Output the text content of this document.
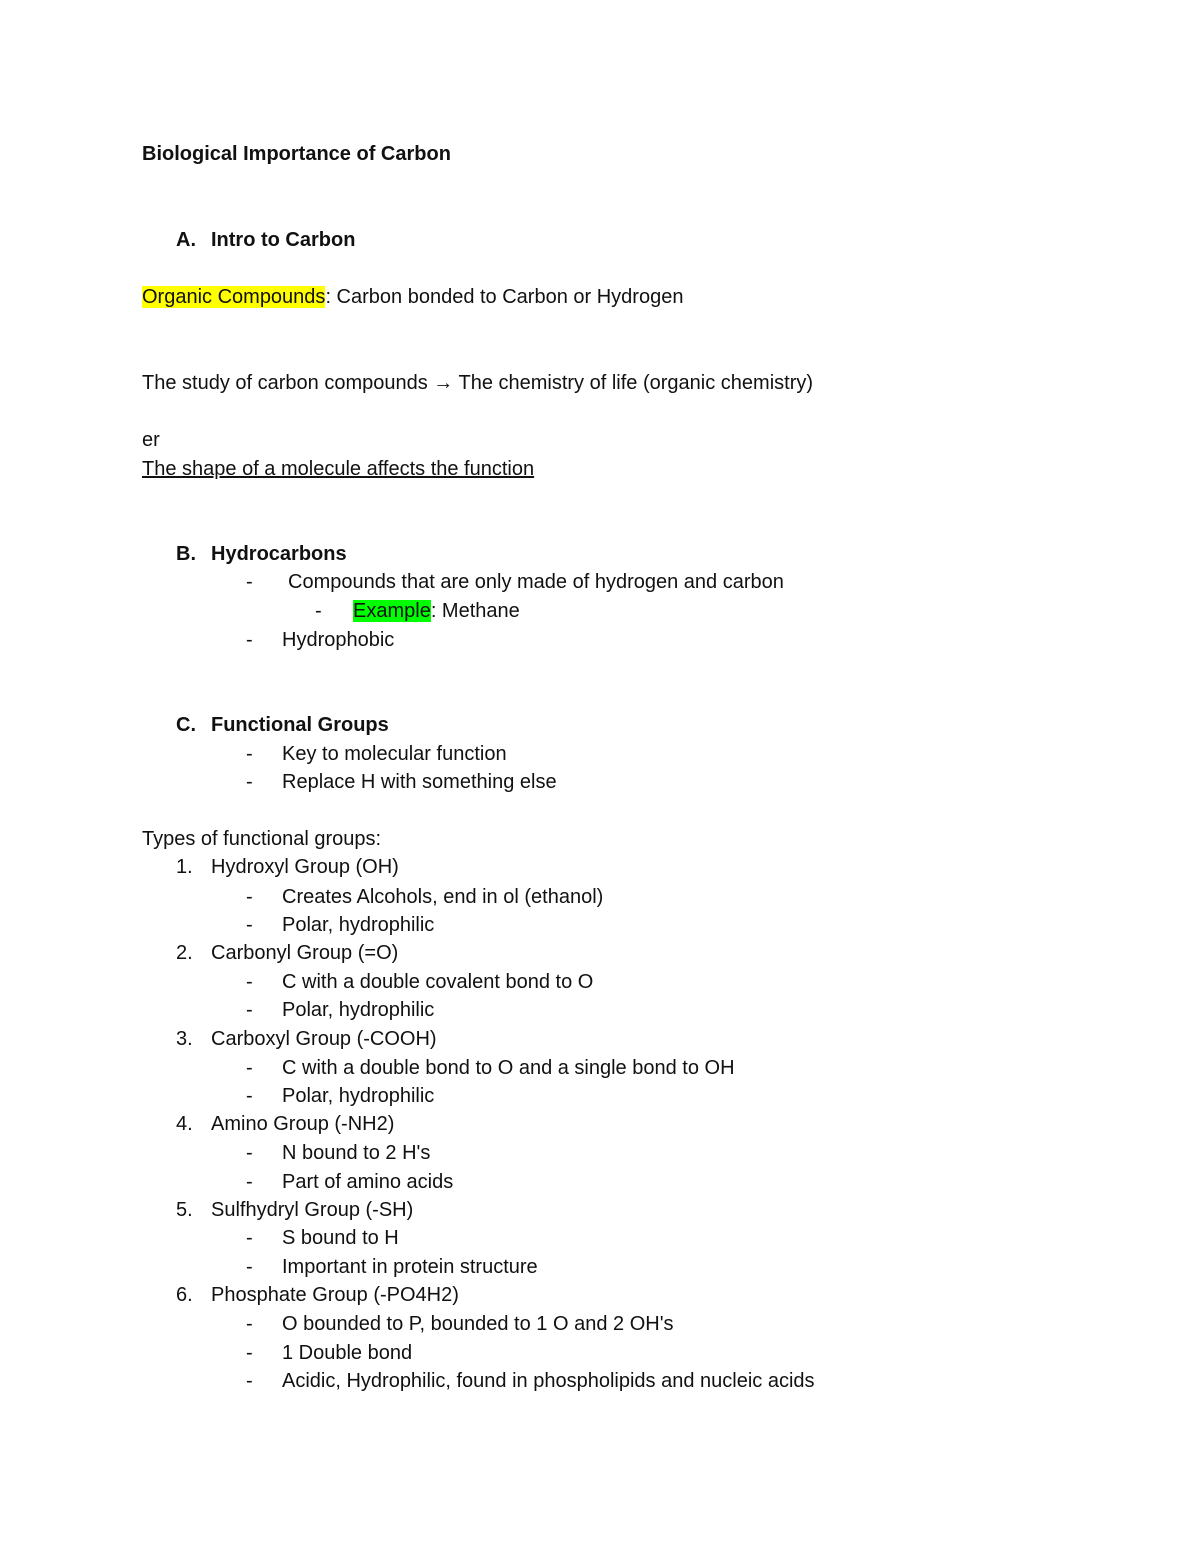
Biological Importance of Carbon
A. Intro to Carbon
Organic Compounds: Carbon bonded to Carbon or Hydrogen
The study of carbon compounds → The chemistry of life (organic chemistry)
er
The shape of a molecule affects the function
B. Hydrocarbons
- Compounds that are only made of hydrogen and carbon
- Example: Methane
- Hydrophobic
C. Functional Groups
- Key to molecular function
- Replace H with something else
Types of functional groups:
1. Hydroxyl Group (OH)
- Creates Alcohols, end in ol (ethanol)
- Polar, hydrophilic
2. Carbonyl Group (=O)
- C with a double covalent bond to O
- Polar, hydrophilic
3. Carboxyl Group (-COOH)
- C with a double bond to O and a single bond to OH
- Polar, hydrophilic
4. Amino Group (-NH2)
- N bound to 2 H's
- Part of amino acids
5. Sulfhydryl Group (-SH)
- S bound to H
- Important in protein structure
6. Phosphate Group (-PO4H2)
- O bounded to P, bounded to 1 O and 2 OH's
- 1 Double bond
- Acidic, Hydrophilic, found in phospholipids and nucleic acids
